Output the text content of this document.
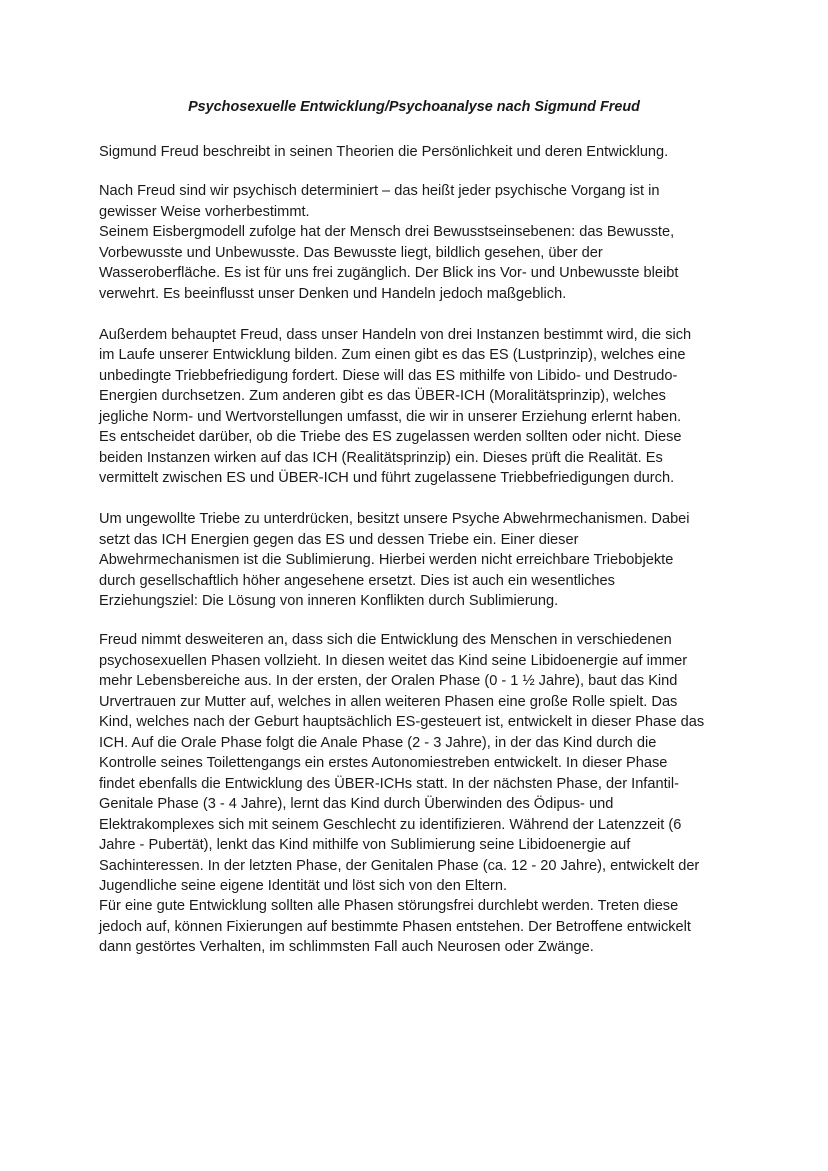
Psychosexuelle Entwicklung/Psychoanalyse nach Sigmund Freud

Sigmund Freud beschreibt in seinen Theorien die Persönlichkeit und deren Entwicklung.

Nach Freud sind wir psychisch determiniert – das heißt jeder psychische Vorgang ist in

gewisser Weise vorherbestimmt.

Seinem Eisbergmodell zufolge hat der Mensch drei Bewusstseinsebenen: das Bewusste,

Vorbewusste und Unbewusste. Das Bewusste liegt, bildlich gesehen, über der

Wasseroberfläche. Es ist für uns frei zugänglich. Der Blick ins Vor- und Unbewusste bleibt

verwehrt. Es beeinflusst unser Denken und Handeln jedoch maßgeblich.

Außerdem behauptet Freud, dass unser Handeln von drei Instanzen bestimmt wird, die sich

im Laufe unserer Entwicklung bilden. Zum einen gibt es das ES (Lustprinzip), welches eine

unbedingte Triebbefriedigung fordert. Diese will das ES mithilfe von Libido- und Destrudo-

Energien durchsetzen. Zum anderen gibt es das ÜBER-ICH (Moralitätsprinzip), welches

jegliche Norm- und Wertvorstellungen umfasst, die wir in unserer Erziehung erlernt haben.

Es entscheidet darüber, ob die Triebe des ES zugelassen werden sollten oder nicht. Diese

beiden Instanzen wirken auf das ICH (Realitätsprinzip) ein. Dieses prüft die Realität. Es

vermittelt zwischen ES und ÜBER-ICH und führt zugelassene Triebbefriedigungen durch.

Um ungewollte Triebe zu unterdrücken, besitzt unsere Psyche Abwehrmechanismen. Dabei

setzt das ICH Energien gegen das ES und dessen Triebe ein. Einer dieser

Abwehrmechanismen ist die Sublimierung. Hierbei werden nicht erreichbare Triebobjekte

durch gesellschaftlich höher angesehene ersetzt. Dies ist auch ein wesentliches

Erziehungsziel: Die Lösung von inneren Konflikten durch Sublimierung.

Freud nimmt desweiteren an, dass sich die Entwicklung des Menschen in verschiedenen

psychosexuellen Phasen vollzieht. In diesen weitet das Kind seine Libidoenergie auf immer

mehr Lebensbereiche aus. In der ersten, der Oralen Phase (0 - 1 ½ Jahre), baut das Kind

Urvertrauen zur Mutter auf, welches in allen weiteren Phasen eine große Rolle spielt. Das

Kind, welches nach der Geburt hauptsächlich ES-gesteuert ist, entwickelt in dieser Phase das

ICH. Auf die Orale Phase folgt die Anale Phase (2 - 3 Jahre), in der das Kind durch die

Kontrolle seines Toilettengangs ein erstes Autonomiestreben entwickelt. In dieser Phase

findet ebenfalls die Entwicklung des ÜBER-ICHs statt. In der nächsten Phase, der Infantil-

Genitale Phase (3 - 4 Jahre), lernt das Kind durch Überwinden des Ödipus- und

Elektrakomplexes sich mit seinem Geschlecht zu identifizieren. Während der Latenzzeit (6

Jahre - Pubertät), lenkt das Kind mithilfe von Sublimierung seine Libidoenergie auf

Sachinteressen. In der letzten Phase, der Genitalen Phase (ca. 12 - 20 Jahre), entwickelt der

Jugendliche seine eigene Identität und löst sich von den Eltern.

Für eine gute Entwicklung sollten alle Phasen störungsfrei durchlebt werden. Treten diese

jedoch auf, können Fixierungen auf bestimmte Phasen entstehen. Der Betroffene entwickelt

dann gestörtes Verhalten, im schlimmsten Fall auch Neurosen oder Zwänge.
